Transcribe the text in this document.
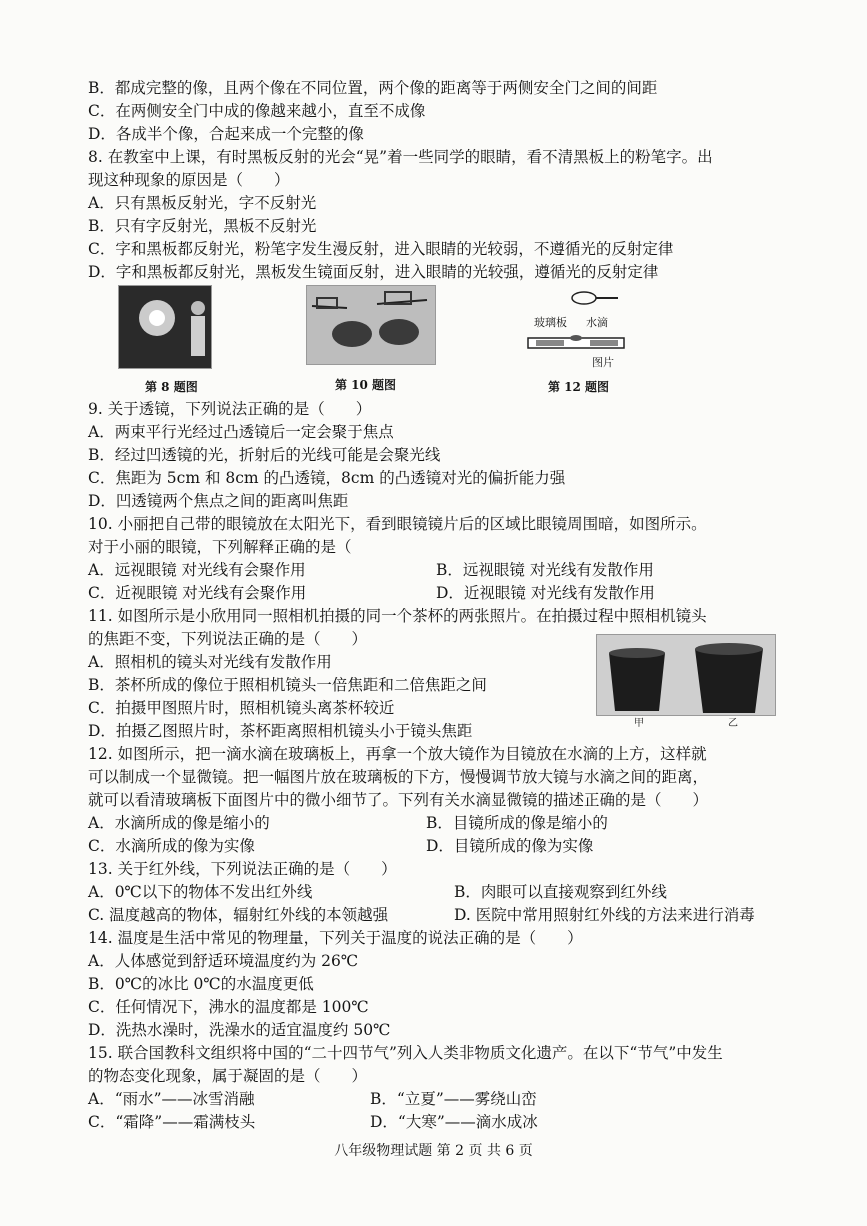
B．都成完整的像，且两个像在不同位置，两个像的距离等于两侧安全门之间的间距
C．在两侧安全门中成的像越来越小，直至不成像
D．各成半个像，合起来成一个完整的像
8. 在教室中上课，有时黑板反射的光会“晃”着一些同学的眼睛，看不清黑板上的粉笔字。出
现这种现象的原因是（　　）
A．只有黑板反射光，字不反射光
B．只有字反射光，黑板不反射光
C．字和黑板都反射光，粉笔字发生漫反射，进入眼睛的光较弱，不遵循光的反射定律
D．字和黑板都反射光，黑板发生镜面反射，进入眼睛的光较强，遵循光的反射定律
第 8 题图	第 10 题图
玻璃板 水滴
图片
第 12 题图
9. 关于透镜，下列说法正确的是（　　）
A．两束平行光经过凸透镜后一定会聚于焦点
B．经过凹透镜的光，折射后的光线可能是会聚光线
C．焦距为 5cm 和 8cm 的凸透镜，8cm 的凸透镜对光的偏折能力强
D．凹透镜两个焦点之间的距离叫焦距
10. 小丽把自己带的眼镜放在太阳光下，看到眼镜镜片后的区域比眼镜周围暗，如图所示。
对于小丽的眼镜，下列解释正确的是（
A．远视眼镜 对光线有会聚作用	B．远视眼镜 对光线有发散作用
C．近视眼镜 对光线有会聚作用	D．近视眼镜 对光线有发散作用
11. 如图所示是小欣用同一照相机拍摄的同一个茶杯的两张照片。在拍摄过程中照相机镜头
的焦距不变，下列说法正确的是（　　）
A．照相机的镜头对光线有发散作用
B．茶杯所成的像位于照相机镜头一倍焦距和二倍焦距之间
C．拍摄甲图照片时，照相机镜头离茶杯较近
D．拍摄乙图照片时，茶杯距离照相机镜头小于镜头焦距	甲	乙
12. 如图所示，把一滴水滴在玻璃板上，再拿一个放大镜作为目镜放在水滴的上方，这样就
可以制成一个显微镜。把一幅图片放在玻璃板的下方，慢慢调节放大镜与水滴之间的距离，
就可以看清玻璃板下面图片中的微小细节了。下列有关水滴显微镜的描述正确的是（　　）
A．水滴所成的像是缩小的	B．目镜所成的像是缩小的
C．水滴所成的像为实像	D．目镜所成的像为实像
13. 关于红外线，下列说法正确的是（　　）
A．0℃以下的物体不发出红外线	B．肉眼可以直接观察到红外线
C. 温度越高的物体，辐射红外线的本领越强	D. 医院中常用照射红外线的方法来进行消毒
14. 温度是生活中常见的物理量，下列关于温度的说法正确的是（　　）
A．人体感觉到舒适环境温度约为 26℃
B．0℃的冰比 0℃的水温度更低
C．任何情况下，沸水的温度都是 100℃
D．洗热水澡时，洗澡水的适宜温度约 50℃
15. 联合国教科文组织将中国的“二十四节气”列入人类非物质文化遗产。在以下“节气”中发生
的物态变化现象，属于凝固的是（　　）
A．“雨水”——冰雪消融	B．“立夏”——雾绕山峦
C．“霜降”——霜满枝头	D．“大寒”——滴水成冰
八年级物理试题 第 2 页 共 6 页
